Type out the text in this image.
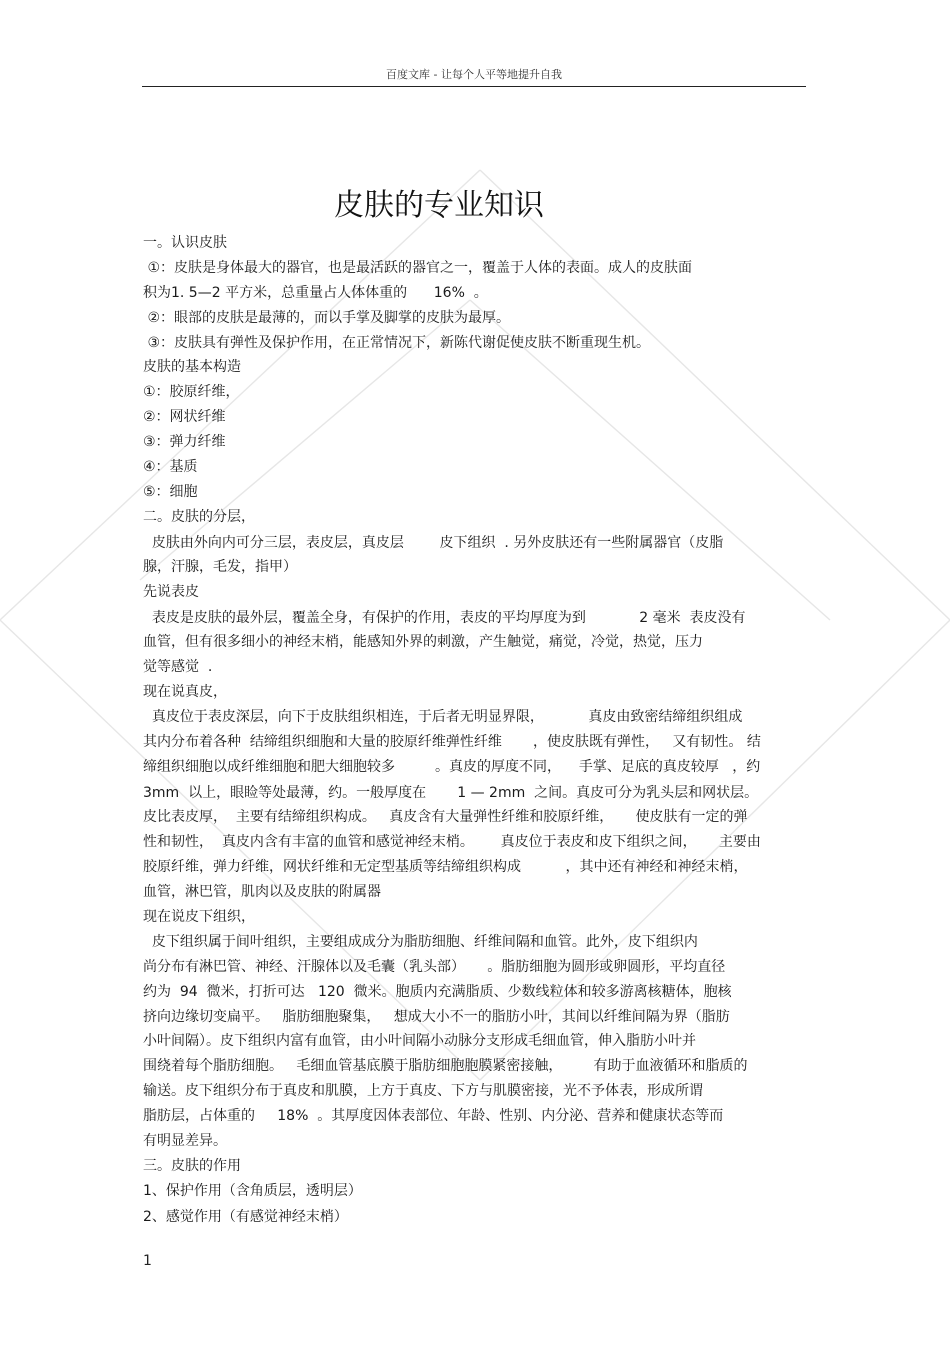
百度文库 - 让每个人平等地提升自我
皮肤的专业知识
一。认识皮肤
①：皮肤是身体最大的器官，也是最活跃的器官之一，覆盖于人体的表面。成人的皮肤面
积为1. 5—2 平方米，总重量占人体体重的      16%  。
②：眼部的皮肤是最薄的，而以手掌及脚掌的皮肤为最厚。
③：皮肤具有弹性及保护作用，在正常情况下，新陈代谢促使皮肤不断重现生机。
皮肤的基本构造
①：胶原纤维，
②：网状纤维
③：弹力纤维
④：基质
⑤：细胞
二。皮肤的分层，
皮肤由外向内可分三层，表皮层，真皮层        皮下组织  . 另外皮肤还有一些附属器官（皮脂
腺，汗腺，毛发，指甲）
先说表皮
表皮是皮肤的最外层，覆盖全身，有保护的作用，表皮的平均厚度为到            2 毫米  表皮没有
血管，但有很多细小的神经末梢，能感知外界的刺激，产生触觉，痛觉，冷觉，热觉，压力
觉等感觉  .
现在说真皮，
真皮位于表皮深层，向下于皮肤组织相连，于后者无明显界限，          真皮由致密结缔组织组成
其内分布着各种  结缔组织细胞和大量的胶原纤维弹性纤维       ，使皮肤既有弹性，   又有韧性。 结
缔组织细胞以成纤维细胞和肥大细胞较多         。真皮的厚度不同，    手掌、足底的真皮较厚   ，约
3mm  以上，眼睑等处最薄，约。一般厚度在       1 — 2mm  之间。真皮可分为乳头层和网状层。
皮比表皮厚，  主要有结缔组织构成。   真皮含有大量弹性纤维和胶原纤维，     使皮肤有一定的弹
性和韧性，  真皮内含有丰富的血管和感觉神经末梢。      真皮位于表皮和皮下组织之间，     主要由
胶原纤维，弹力纤维，网状纤维和无定型基质等结缔组织构成          ，其中还有神经和神经末梢，
血管，淋巴管，肌肉以及皮肤的附属器
现在说皮下组织，
皮下组织属于间叶组织，主要组成成分为脂肪细胞、纤维间隔和血管。此外，皮下组织内
尚分布有淋巴管、神经、汗腺体以及毛囊（乳头部）     。脂肪细胞为圆形或卵圆形，平均直径
约为  94  微米，打折可达   120  微米。胞质内充满脂质、少数线粒体和较多游离核糖体，胞核
挤向边缘切变扁平。   脂肪细胞聚集，   想成大小不一的脂肪小叶，其间以纤维间隔为界（脂肪
小叶间隔）。皮下组织内富有血管，由小叶间隔小动脉分支形成毛细血管，伸入脂肪小叶并
围绕着每个脂肪细胞。   毛细血管基底膜于脂肪细胞胞膜紧密接触，       有助于血液循环和脂质的
输送。皮下组织分布于真皮和肌膜，上方于真皮、下方与肌膜密接，光不予体表，形成所谓
脂肪层，占体重的     18%  。其厚度因体表部位、年龄、性别、内分泌、营养和健康状态等而
有明显差异。
三。皮肤的作用
1、保护作用（含角质层，透明层）
2、感觉作用（有感觉神经末梢）
1
